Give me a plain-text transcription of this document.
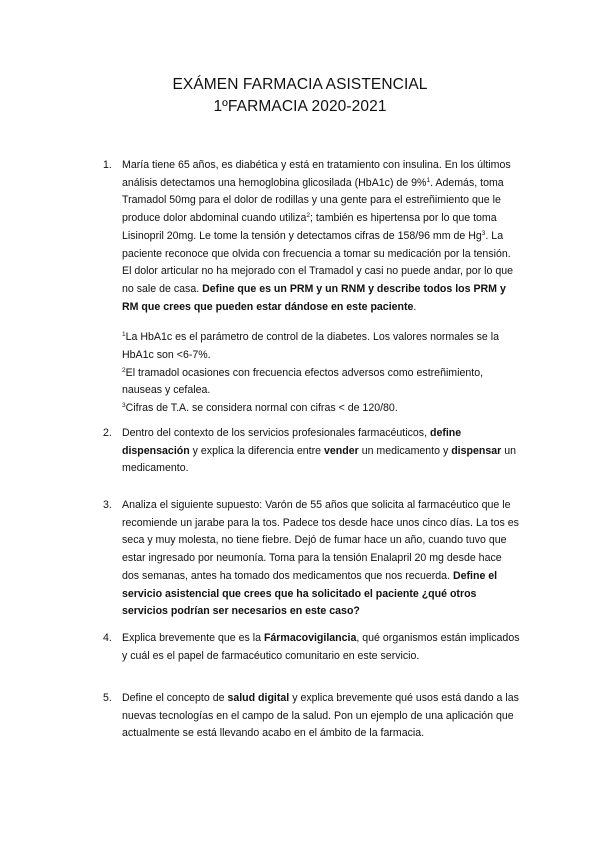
EXÁMEN FARMACIA ASISTENCIAL
1ºFARMACIA 2020-2021
1. María tiene 65 años, es diabética y está en tratamiento con insulina. En los últimos análisis detectamos una hemoglobina glicosilada (HbA1c) de 9%$^1$. Además, toma Tramadol 50mg para el dolor de rodillas y una gente para el estreñimiento que le produce dolor abdominal cuando utiliza$^2$; también es hipertensa por lo que toma Lisinopril 20mg. Le tome la tensión y detectamos cifras de 158/96 mm de Hg$^3$. La paciente reconoce que olvida con frecuencia a tomar su medicación por la tensión. El dolor articular no ha mejorado con el Tramadol y casi no puede andar, por lo que no sale de casa. Define que es un PRM y un RNM y describe todos los PRM y RM que crees que pueden estar dándose en este paciente.
$^1$La HbA1c es el parámetro de control de la diabetes. Los valores normales se la HbA1c son <6-7%.
$^2$El tramadol ocasiones con frecuencia efectos adversos como estreñimiento, nauseas y cefalea.
$^3$Cifras de T.A. se considera normal con cifras < de 120/80.
2. Dentro del contexto de los servicios profesionales farmacéuticos, define dispensación y explica la diferencia entre vender un medicamento y dispensar un medicamento.
3. Analiza el siguiente supuesto: Varón de 55 años que solicita al farmacéutico que le recomiende un jarabe para la tos. Padece tos desde hace unos cinco días. La tos es seca y muy molesta, no tiene fiebre. Dejó de fumar hace un año, cuando tuvo que estar ingresado por neumonía. Toma para la tensión Enalapril 20 mg desde hace dos semanas, antes ha tomado dos medicamentos que nos recuerda. Define el servicio asistencial que crees que ha solicitado el paciente ¿qué otros servicios podrían ser necesarios en este caso?
4. Explica brevemente que es la Fármacovigilancia, qué organismos están implicados y cuál es el papel de farmacéutico comunitario en este servicio.
5. Define el concepto de salud digital y explica brevemente qué usos está dando a las nuevas tecnologías en el campo de la salud. Pon un ejemplo de una aplicación que actualmente se está llevando acabo en el ámbito de la farmacia.
